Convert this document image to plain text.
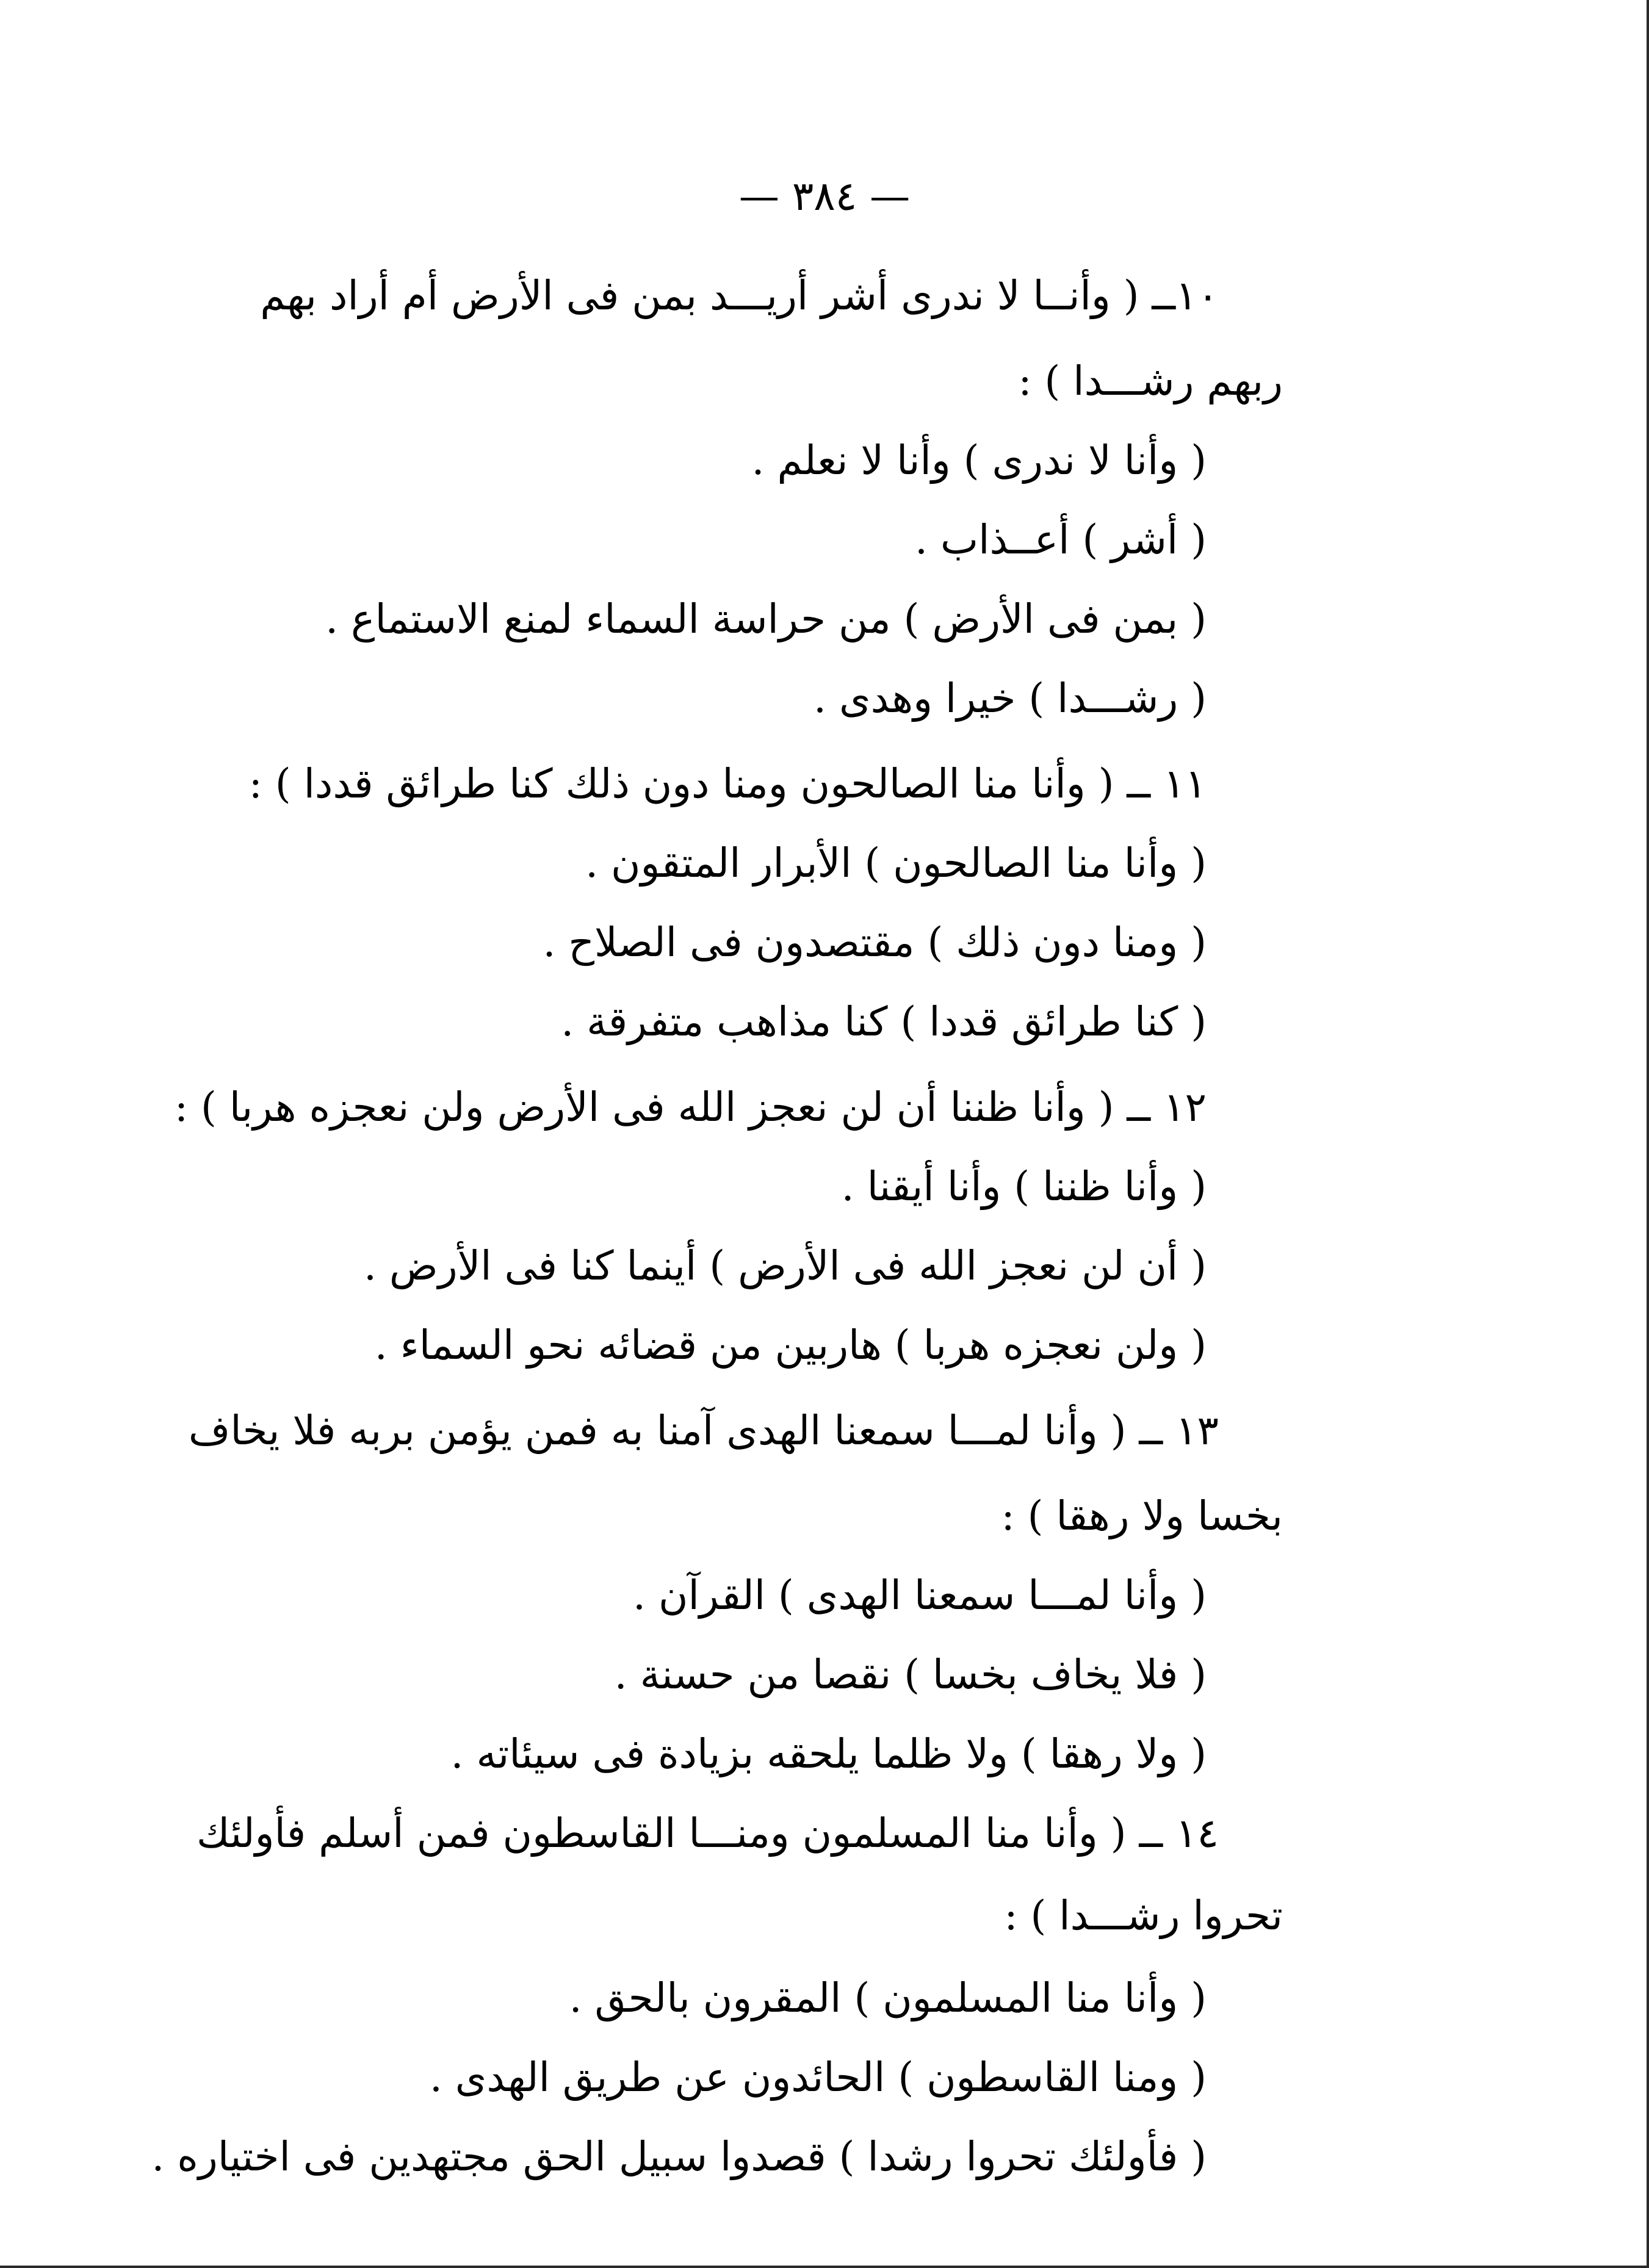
— ٣٨٤ —
١٠ــ ( وأنــا لا ندرى أشر أريـــد بمن فى الأرض أم أراد بهم
ربهم رشـــدا ) :
( وأنا لا ندرى ) وأنا لا نعلم .
( أشر ) أعــذاب .
( بمن فى الأرض ) من حراسة السماء لمنع الاستماع .
( رشـــدا ) خيرا وهدى .
١١ ــ ( وأنا منا الصالحون ومنا دون ذلك كنا طرائق قددا ) :
( وأنا منا الصالحون ) الأبرار المتقون .
( ومنا دون ذلك ) مقتصدون فى الصلاح .
( كنا طرائق قددا ) كنا مذاهب متفرقة .
١٢ ــ ( وأنا ظننا أن لن نعجز الله فى الأرض ولن نعجزه هربا ) :
( وأنا ظننا ) وأنا أيقنا .
( أن لن نعجز الله فى الأرض ) أينما كنا فى الأرض .
( ولن نعجزه هربا ) هاربين من قضائه نحو السماء .
١٣ ــ ( وأنا لمـــا سمعنا الهدى آمنا به فمن يؤمن بربه فلا يخاف
بخسا ولا رهقا ) :
( وأنا لمـــا سمعنا الهدى ) القرآن .
( فلا يخاف بخسا ) نقصا من حسنة .
( ولا رهقا ) ولا ظلما يلحقه بزيادة فى سيئاته .
١٤ ــ ( وأنا منا المسلمون ومنـــا القاسطون فمن أسلم فأولئك
تحروا رشـــدا ) :
( وأنا منا المسلمون ) المقرون بالحق .
( ومنا القاسطون ) الحائدون عن طريق الهدى .
( فأولئك تحروا رشدا ) قصدوا سبيل الحق مجتهدين فى اختياره .
